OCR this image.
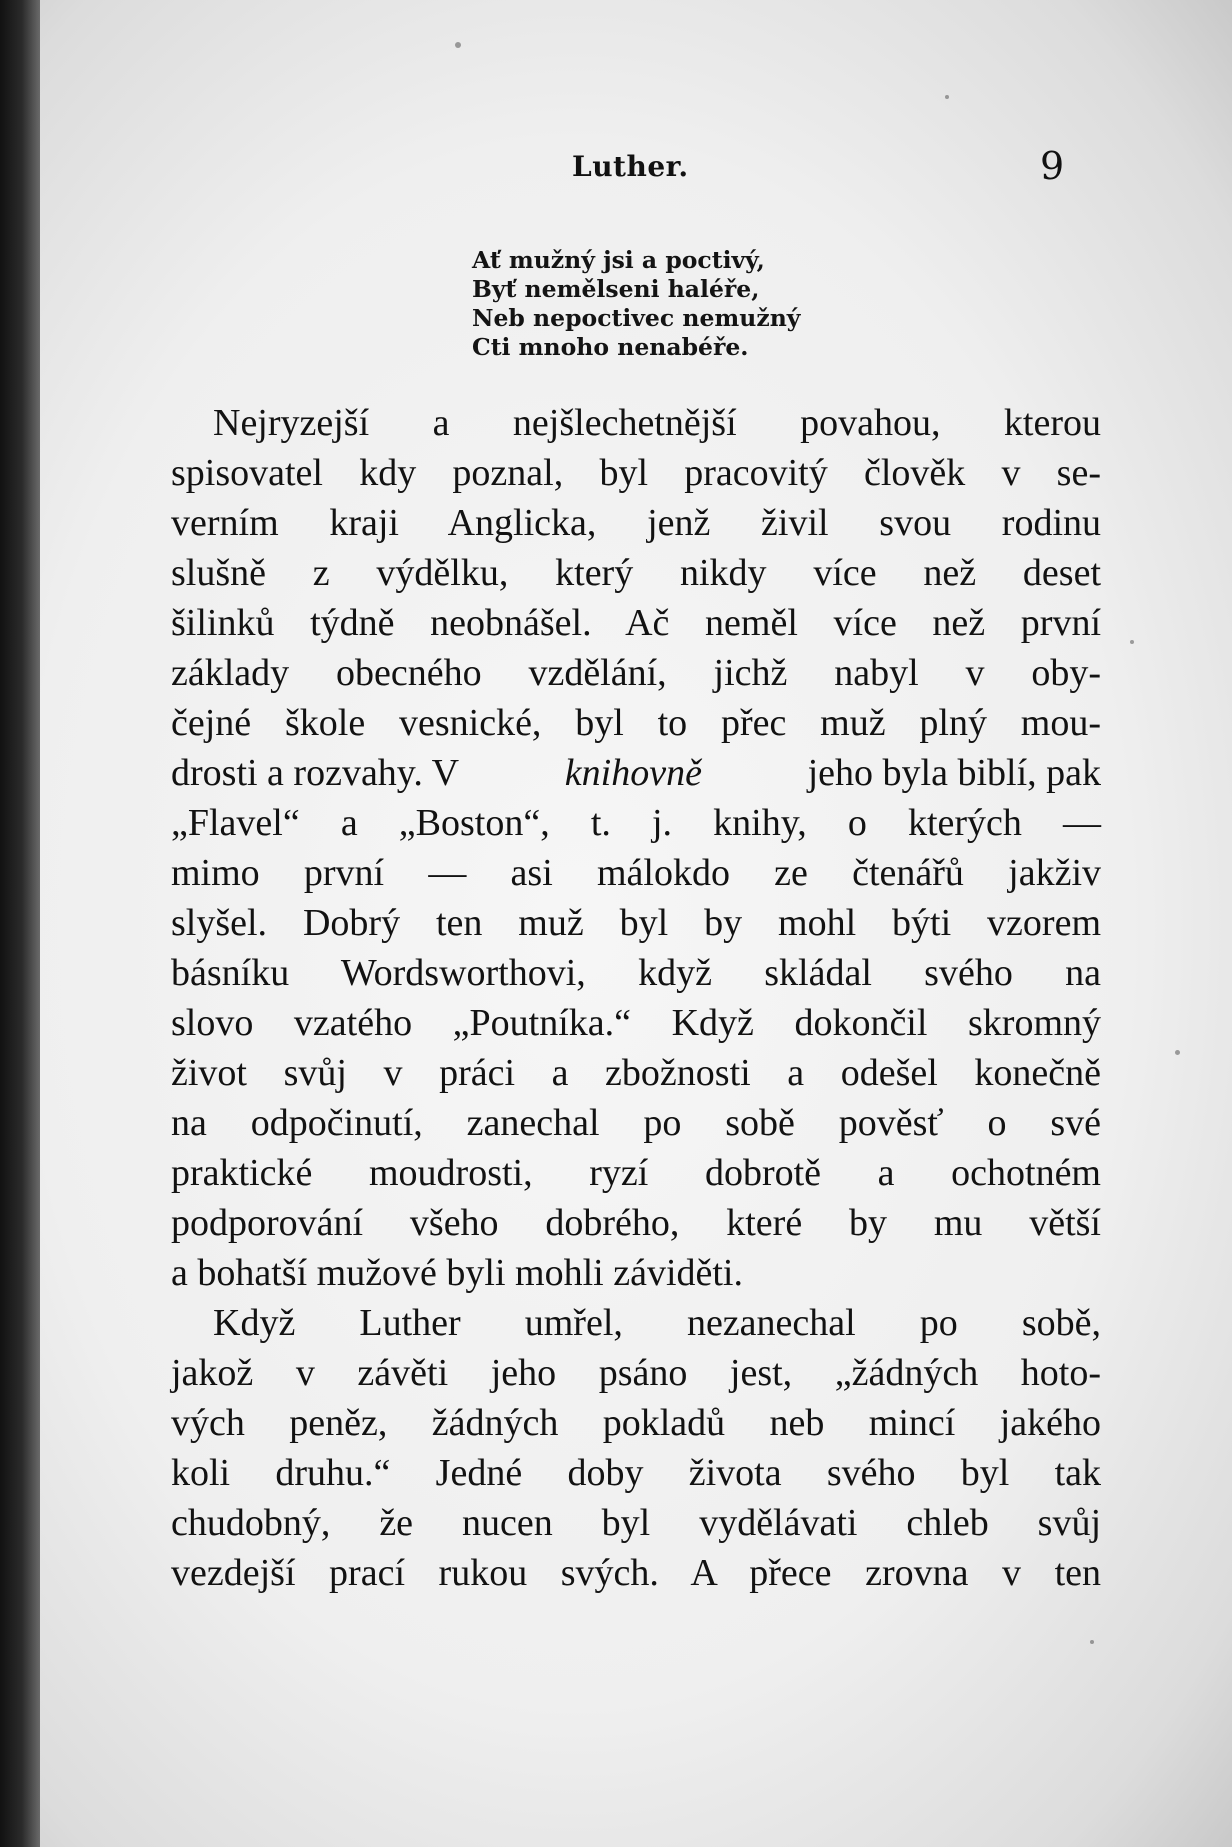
Luther.	9
Ať mužný jsi a poctivý,
Byť nemělseni haléře,
Neb nepoctivec nemužný
Cti mnoho nenabéře.
Nejryzejší a nejšlechetnější povahou, kterou
spisovatel kdy poznal, byl pracovitý člověk v se-
verním kraji Anglicka, jenž živil svou rodinu
slušně z výdělku, který nikdy více než deset
šilinků týdně neobnášel. Ač neměl více než první
základy obecného vzdělání, jichž nabyl v oby-
čejné škole vesnické, byl to přec muž plný mou-
drosti a rozvahy. V	knihovně	jeho byla biblí, pak
„Flavel“ a „Boston“, t. j. knihy, o kterých —
mimo první — asi málokdo ze čtenářů jakživ
slyšel. Dobrý ten muž byl by mohl býti vzorem
básníku Wordsworthovi, když skládal svého na
slovo vzatého „Poutníka.“ Když dokončil skromný
život svůj v práci a zbožnosti a odešel konečně
na odpočinutí, zanechal po sobě pověsť o své
praktické moudrosti, ryzí dobrotě a ochotném
podporování všeho dobrého, které by mu větší
a bohatší mužové byli mohli záviděti.
Když Luther umřel, nezanechal po sobě,
jakož v závěti jeho psáno jest, „žádných hoto-
vých peněz, žádných pokladů neb mincí jakého
koli druhu.“ Jedné doby života svého byl tak
chudobný, že nucen byl vydělávati chleb svůj
vezdejší prací rukou svých. A přece zrovna v ten
